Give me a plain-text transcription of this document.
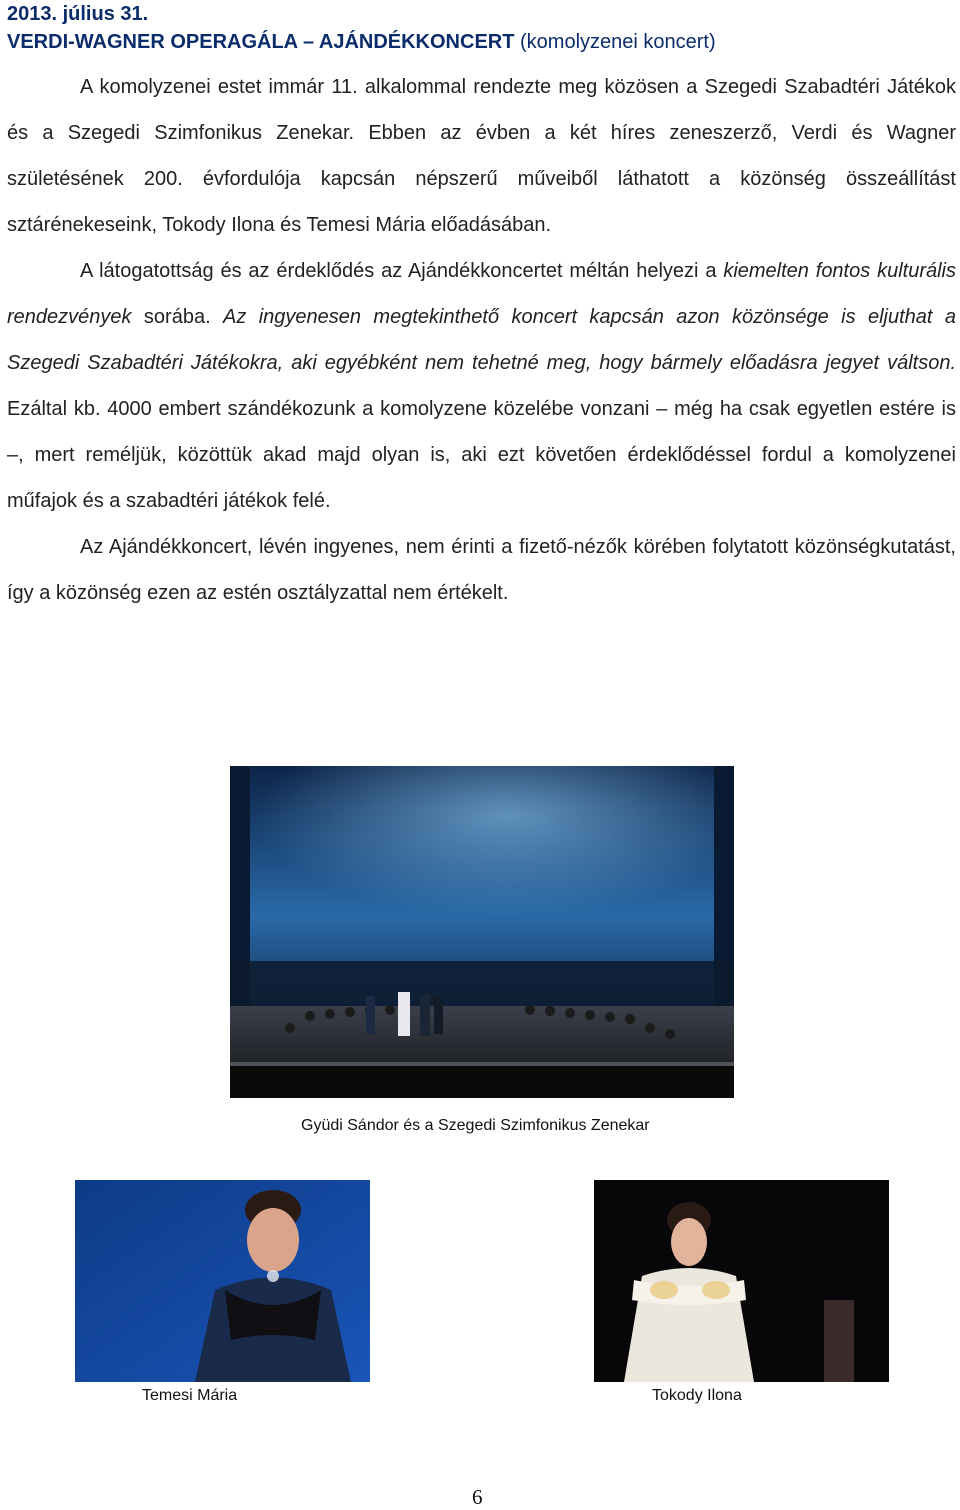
2013. július 31.
VERDI-WAGNER OPERAGÁLA – AJÁNDÉKKONCERT (komolyzenei koncert)

A komolyzenei estet immár 11. alkalommal rendezte meg közösen a Szegedi Szabadtéri Játékok és a Szegedi Szimfonikus Zenekar. Ebben az évben a két híres zeneszerző, Verdi és Wagner születésének 200. évfordulója kapcsán népszerű műveiből láthatott a közönség összeállítást sztárénekeseink, Tokody Ilona és Temesi Mária előadásában.

A látogatottság és az érdeklődés az Ajándékkoncertet méltán helyezi a kiemelten fontos kulturális rendezvények sorába. Az ingyenesen megtekinthető koncert kapcsán azon közönsége is eljuthat a Szegedi Szabadtéri Játékokra, aki egyébként nem tehetné meg, hogy bármely előadásra jegyet váltson. Ezáltal kb. 4000 embert szándékozunk a komolyzene közelébe vonzani – még ha csak egyetlen estére is –, mert reméljük, közöttük akad majd olyan is, aki ezt követően érdeklődéssel fordul a komolyzenei műfajok és a szabadtéri játékok felé.

Az Ajándékkoncert, lévén ingyenes, nem érinti a fizető-nézők körében folytatott közönségkutatást, így a közönség ezen az estén osztályzattal nem értékelt.

Gyüdi Sándor és a Szegedi Szimfonikus Zenekar
Temesi Mária	Tokody Ilona
6
